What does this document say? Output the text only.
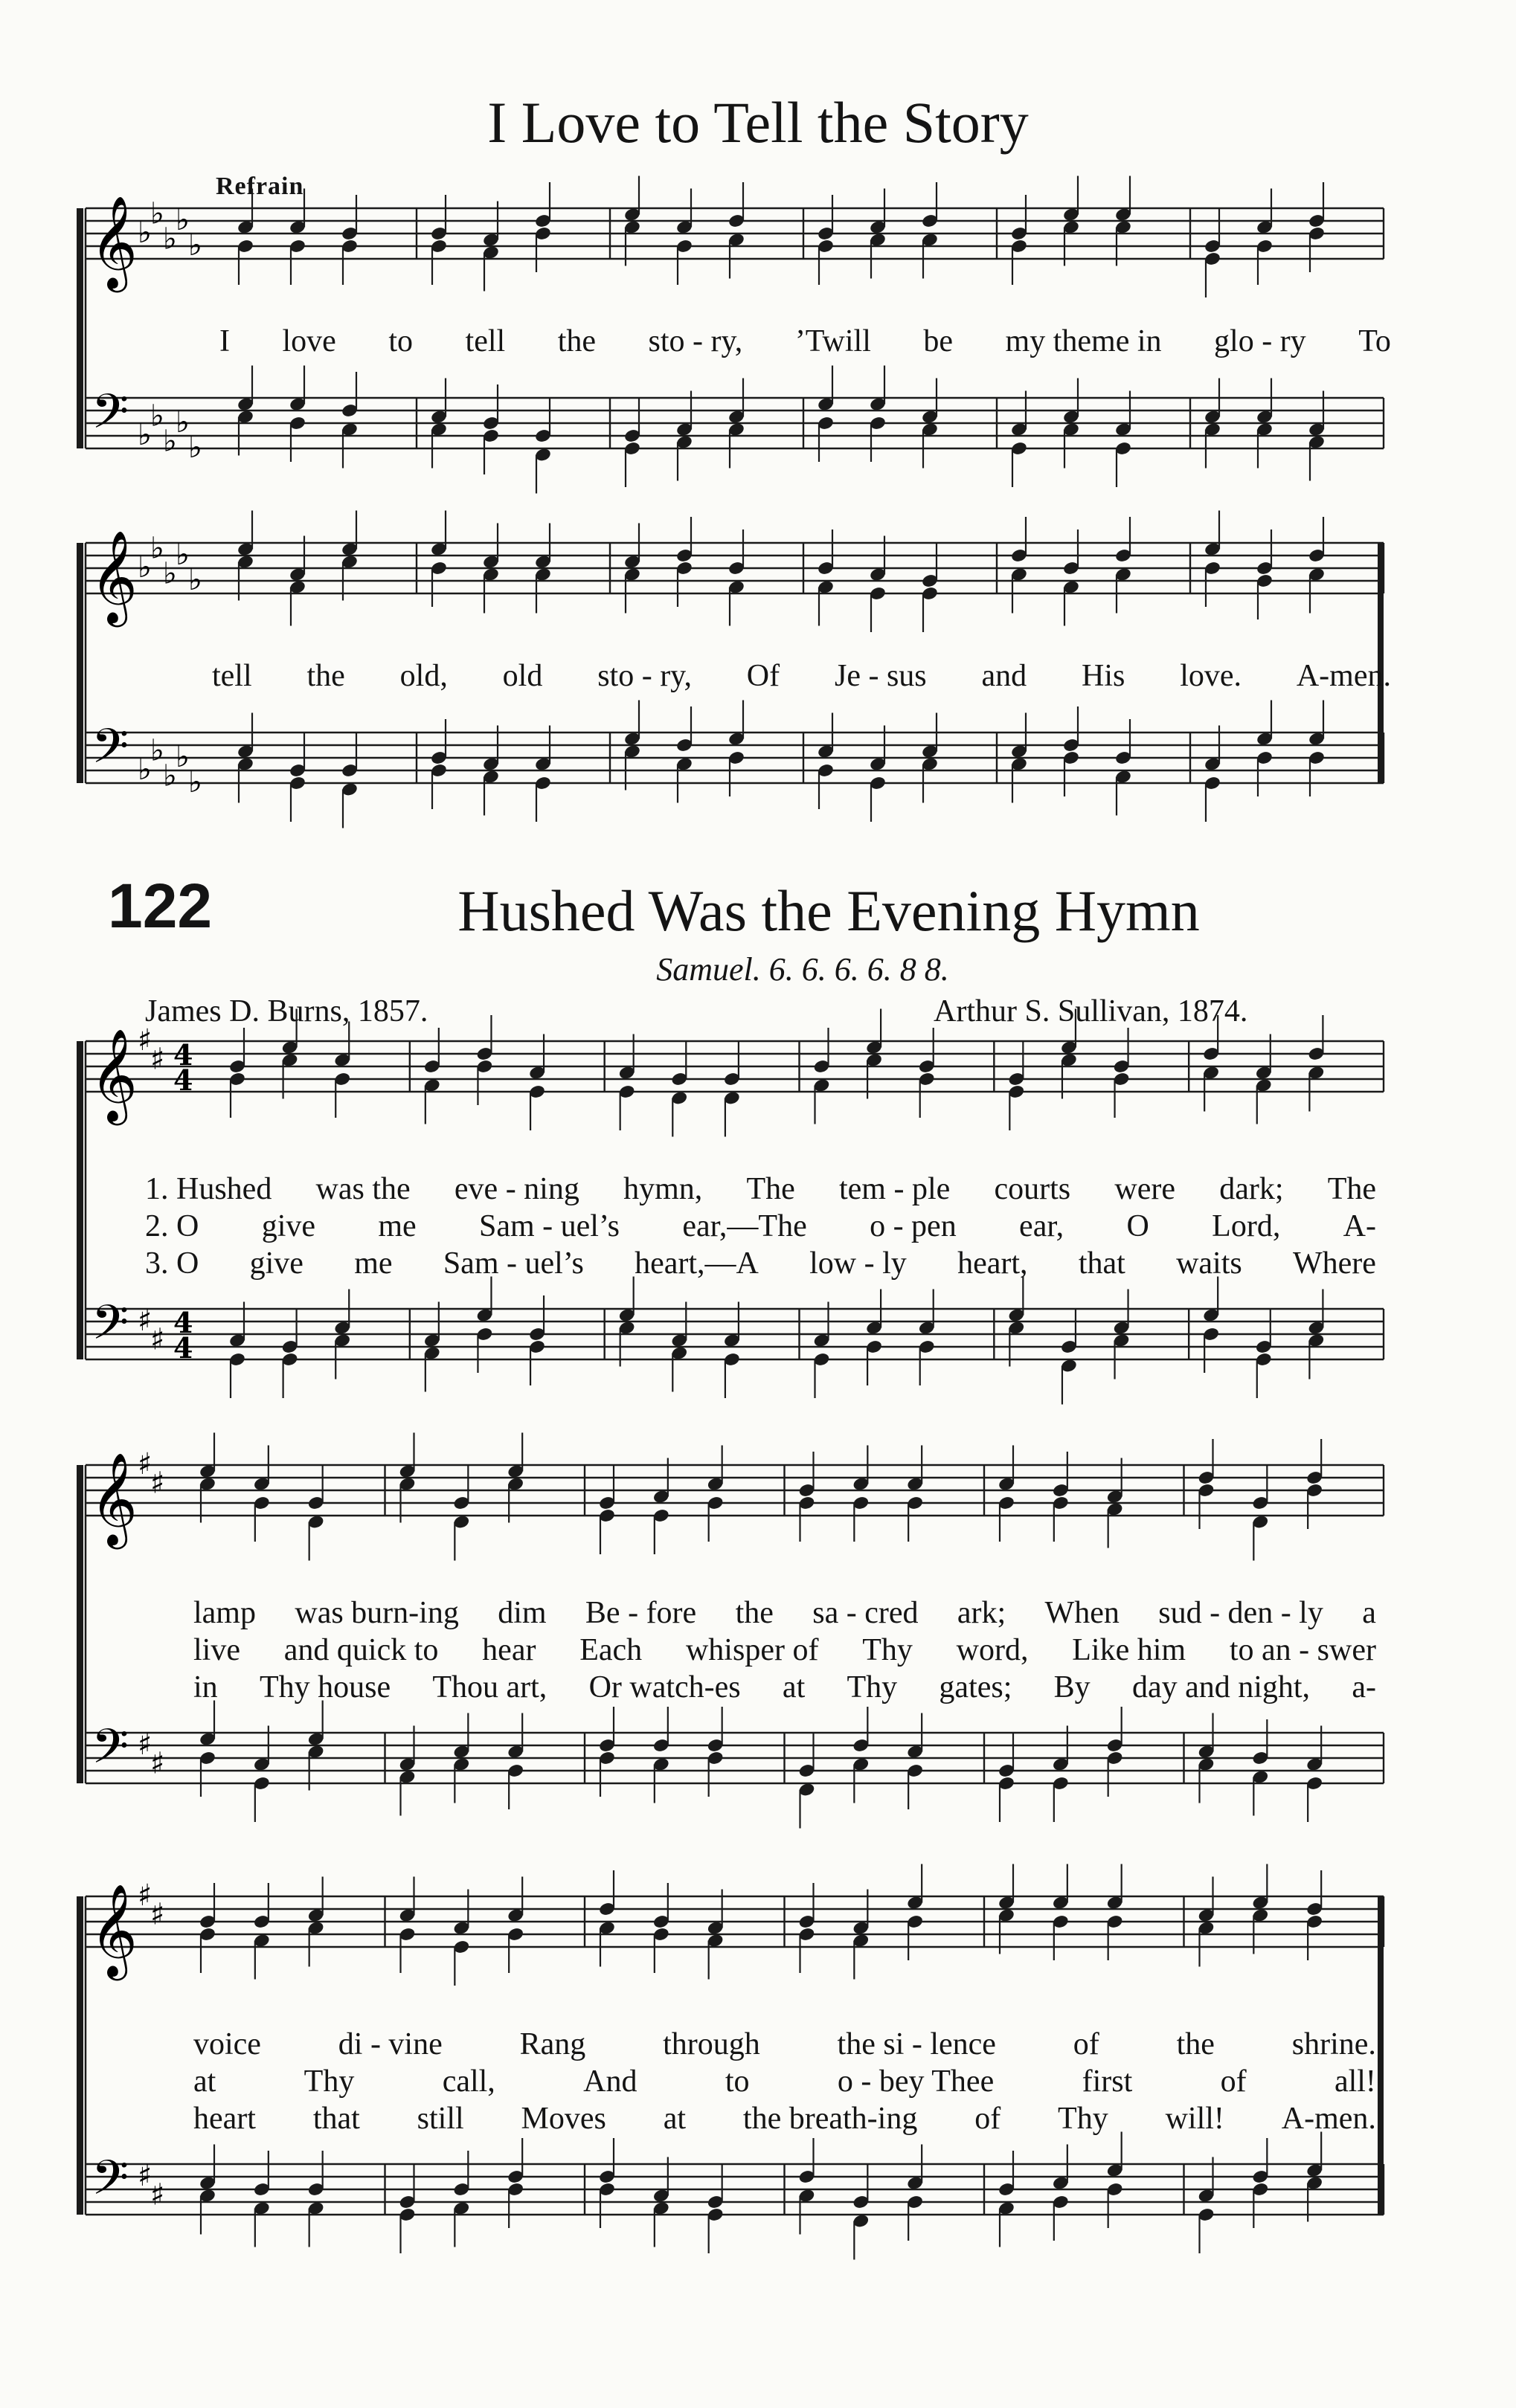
I Love to Tell the Story
Refrain
𝄞
𝄢
♭
♭
♭
♭
♭
♭
♭
♭
♭
♭
I love to tell the sto - ry, ’Twill be my theme in glo - ry To
𝄞
𝄢
♭
♭
♭
♭
♭
♭
♭
♭
♭
♭
tell the old, old sto - ry, Of Je - sus and His love. A-men.
122	Hushed Was the Evening Hymn
Samuel. 6. 6. 6. 6. 8 8.
James D. Burns, 1857.	Arthur S. Sullivan, 1874.
𝄞
𝄢
♯
♯
♯
♯
4
4
4
4
1. Hushed was the eve - ning hymn, The tem - ple courts were dark; The
2. O give me Sam - uel’s ear,—The o - pen ear, O Lord, A-
3. O give me Sam - uel’s heart,—A low - ly heart, that waits Where
𝄞
𝄢
♯
♯
♯
♯
lamp was burn-ing dim Be - fore the sa - cred ark; When sud - den - ly a
live and quick to hear Each whisper of Thy word, Like him to an - swer
in Thy house Thou art, Or watch-es at Thy gates; By day and night, a-
𝄞
𝄢
♯
♯
♯
♯
voice di - vine Rang through the si - lence of the shrine.
at	Thy	call,	And	to	o - bey Thee	first	of	all!
heart that still Moves at the breath-ing of Thy will! A-men.
